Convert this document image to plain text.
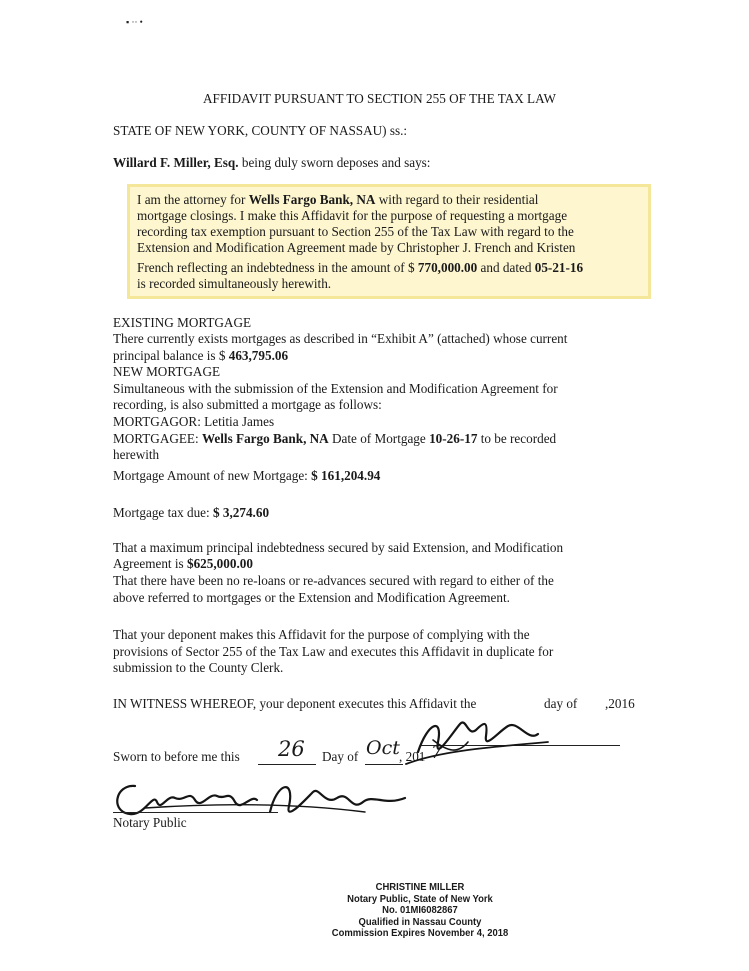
▪ ·· •
AFFIDAVIT PURSUANT TO SECTION 255 OF THE TAX LAW
STATE OF NEW YORK, COUNTY OF NASSAU) ss.:
Willard F. Miller, Esq. being duly sworn deposes and says:
I am the attorney for Wells Fargo Bank, NA with regard to their residential
mortgage closings. I make this Affidavit for the purpose of requesting a mortgage
recording tax exemption pursuant to Section 255 of the Tax Law with regard to the
Extension and Modification Agreement made by Christopher J. French and Kristen
French reflecting an indebtedness in the amount of $ 770,000.00 and dated 05-21-16
is recorded simultaneously herewith.
EXISTING MORTGAGE
There currently exists mortgages as described in “Exhibit A” (attached) whose current
principal balance is $ 463,795.06
NEW MORTGAGE
Simultaneous with the submission of the Extension and Modification Agreement for
recording, is also submitted a mortgage as follows:
MORTGAGOR: Letitia James
MORTGAGEE: Wells Fargo Bank, NA Date of Mortgage 10-26-17 to be recorded
herewith
Mortgage Amount of new Mortgage: $ 161,204.94
Mortgage tax due: $ 3,274.60
That a maximum principal indebtedness secured by said Extension, and Modification
Agreement is $625,000.00
That there have been no re-loans or re-advances secured with regard to either of the
above referred to mortgages or the Extension and Modification Agreement.
That your deponent makes this Affidavit for the purpose of complying with the
provisions of Sector 255 of the Tax Law and executes this Affidavit in duplicate for
submission to the County Clerk.
IN WITNESS WHEREOF, your deponent executes this Affidavit the	day of ,2016
Sworn to before me this 26 Day of Oct , 201 7
Notary Public
CHRISTINE MILLER
Notary Public, State of New York
No. 01MI6082867
Qualified in Nassau County
Commission Expires November 4, 2018
